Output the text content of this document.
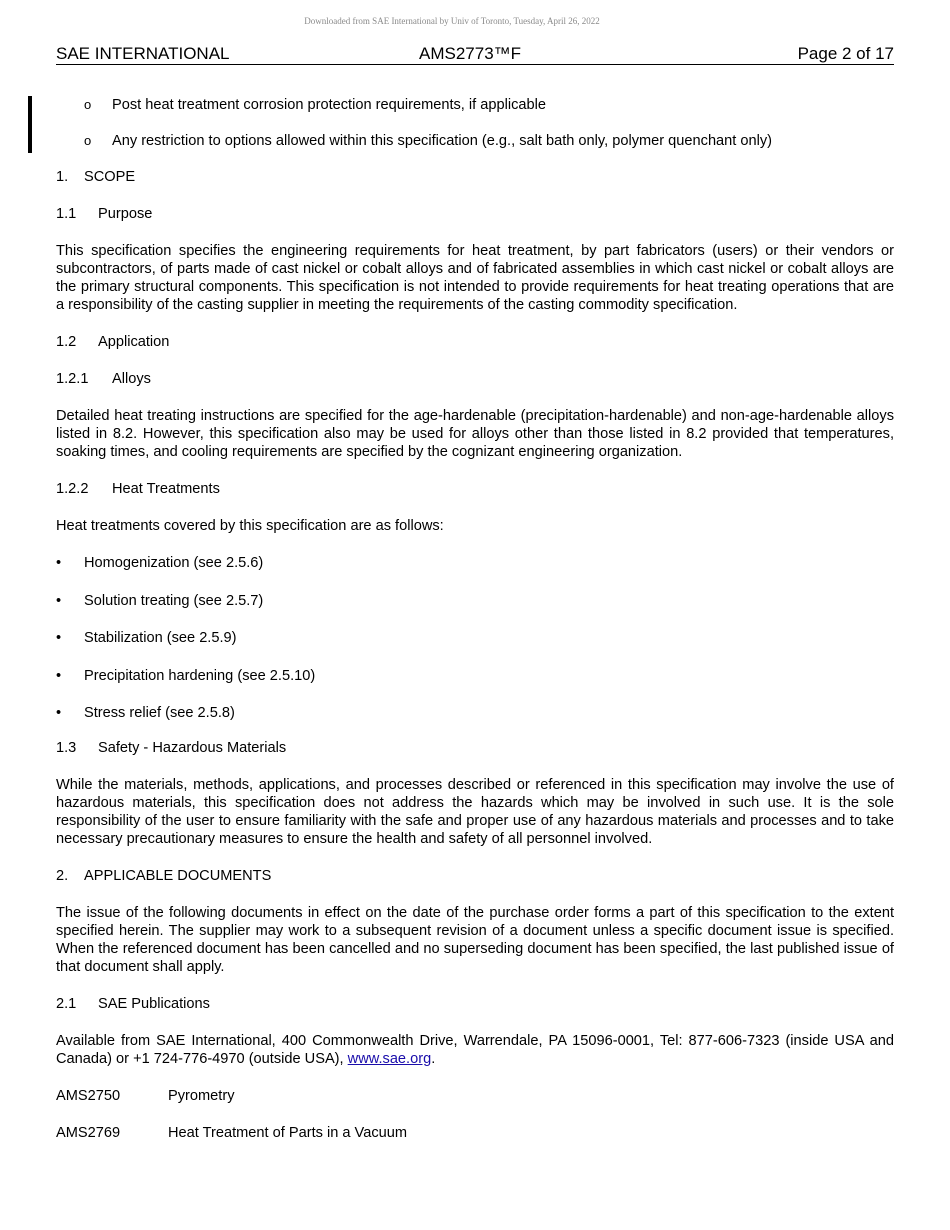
Downloaded from SAE International by Univ of Toronto, Tuesday, April 26, 2022
SAE INTERNATIONAL	AMS2773™F	Page 2 of 17
o Post heat treatment corrosion protection requirements, if applicable
o Any restriction to options allowed within this specification (e.g., salt bath only, polymer quenchant only)
1. SCOPE
1.1 Purpose

This specification specifies the engineering requirements for heat treatment, by part fabricators (users) or their vendors or subcontractors, of parts made of cast nickel or cobalt alloys and of fabricated assemblies in which cast nickel or cobalt alloys are the primary structural components. This specification is not intended to provide requirements for heat treating operations that are a responsibility of the casting supplier in meeting the requirements of the casting commodity specification.

1.2 Application
1.2.1 Alloys

Detailed heat treating instructions are specified for the age-hardenable (precipitation-hardenable) and non-age-hardenable alloys listed in 8.2. However, this specification also may be used for alloys other than those listed in 8.2 provided that temperatures, soaking times, and cooling requirements are specified by the cognizant engineering organization.

1.2.2 Heat Treatments

Heat treatments covered by this specification are as follows:

• Homogenization (see 2.5.6)
• Solution treating (see 2.5.7)
• Stabilization (see 2.5.9)
• Precipitation hardening (see 2.5.10)
• Stress relief (see 2.5.8)
1.3 Safety - Hazardous Materials

While the materials, methods, applications, and processes described or referenced in this specification may involve the use of hazardous materials, this specification does not address the hazards which may be involved in such use. It is the sole responsibility of the user to ensure familiarity with the safe and proper use of any hazardous materials and processes and to take necessary precautionary measures to ensure the health and safety of all personnel involved.

2. APPLICABLE DOCUMENTS

The issue of the following documents in effect on the date of the purchase order forms a part of this specification to the extent specified herein. The supplier may work to a subsequent revision of a document unless a specific document issue is specified. When the referenced document has been cancelled and no superseding document has been specified, the last published issue of that document shall apply.

2.1 SAE Publications

Available from SAE International, 400 Commonwealth Drive, Warrendale, PA 15096-0001, Tel: 877-606-7323 (inside USA and Canada) or +1 724-776-4970 (outside USA), www.sae.org.

AMS2750	Pyrometry
AMS2769	Heat Treatment of Parts in a Vacuum
